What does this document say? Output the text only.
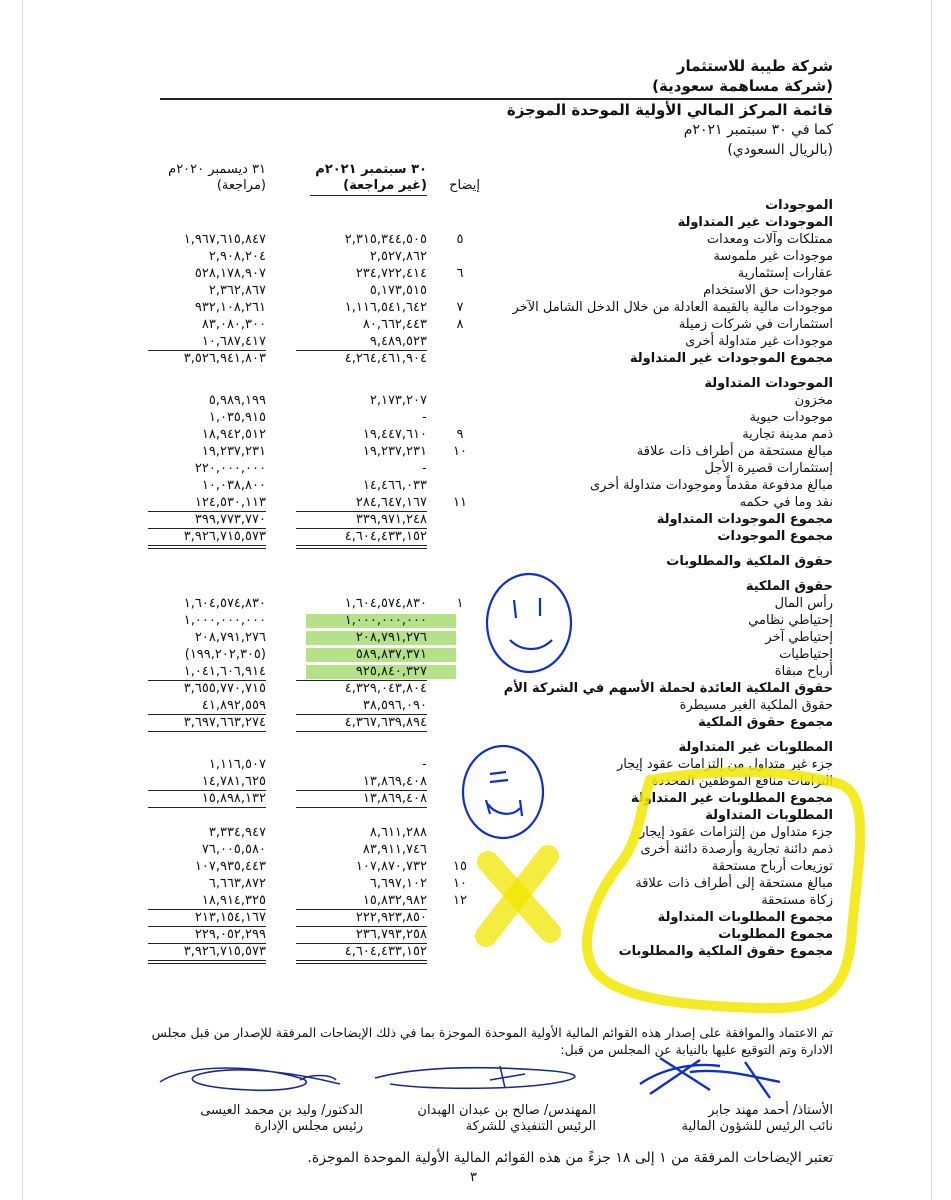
شركة طيبة للاستثمار
(شركة مساهمة سعودية)
قائمة المركز المالي الأولية الموحدة الموجزة
كما في ٣٠ سبتمبر ٢٠٢١م
(بالريال السعودي)
٣٠ سبتمبر ٢٠٢١م
(غير مراجعة)	إيضاح
٣١ ديسمبر ٢٠٢٠م
(مراجعة)
الموجودات
الموجودات غير المتداولة
ممتلكات وآلات ومعدات
٥
٢,٣١٥,٣٤٤,٥٠٥
١,٩٦٧,٦١٥,٨٤٧
موجودات غير ملموسة
٢,٥٢٧,٨٦٢
٢,٩٠٨,٢٠٤
عقارات إستثمارية
٦
٢٣٤,٧٢٢,٤١٤
٥٢٨,١٧٨,٩٠٧
موجودات حق الاستخدام
٥,١٧٣,٥١٥
٢,٣٦٢,٨٦٧
موجودات مالية بالقيمة العادلة من خلال الدخل الشامل الآخر
٧
١,١١٦,٥٤١,٦٤٢
٩٣٢,١٠٨,٢٦١
استثمارات في شركات زميلة
٨
٨٠,٦٦٢,٤٤٣
٨٣,٠٨٠,٣٠٠
موجودات غير متداولة أخرى
٩,٤٨٩,٥٢٣
١٠,٦٨٧,٤١٧
مجموع الموجودات غير المتداولة
٤,٢٦٤,٤٦١,٩٠٤
٣,٥٢٦,٩٤١,٨٠٣
الموجودات المتداولة
مخزون
٢,١٧٣,٢٠٧
٥,٩٨٩,١٩٩
موجودات حيوية
-
١,٠٣٥,٩١٥
ذمم مدينة تجارية
٩
١٩,٤٤٧,٦١٠
١٨,٩٤٢,٥١٢
مبالغ مستحقة من أطراف ذات علاقة
١٠
١٩,٢٣٧,٢٣١
١٩,٢٣٧,٢٣١
إستثمارات قصيرة الأجل
-
٢٢٠,٠٠٠,٠٠٠
مبالغ مدفوعة مقدماً وموجودات متداولة أخرى
١٤,٤٦٦,٠٣٣
١٠,٠٣٨,٨٠٠
نقد وما في حكمه
١١
٢٨٤,٦٤٧,١٦٧
١٢٤,٥٣٠,١١٣
مجموع الموجودات المتداولة
٣٣٩,٩٧١,٢٤٨
٣٩٩,٧٧٣,٧٧٠
مجموع الموجودات
٤,٦٠٤,٤٣٣,١٥٢
٣,٩٢٦,٧١٥,٥٧٣
حقوق الملكية والمطلوبات
حقوق الملكية
رأس المال
١
١,٦٠٤,٥٧٤,٨٣٠
١,٦٠٤,٥٧٤,٨٣٠
إحتياطي نظامي
١,٠٠٠,٠٠٠,٠٠٠
١,٠٠٠,٠٠٠,٠٠٠
إحتياطي آخر
٢٠٨,٧٩١,٢٧٦
٢٠٨,٧٩١,٢٧٦
إحتياطيات
٥٨٩,٨٣٧,٣٧١
(١٩٩,٢٠٢,٣٠٥)
أرباح مبقاة
٩٢٥,٨٤٠,٣٢٧
١,٠٤١,٦٠٦,٩١٤
حقوق الملكية العائدة لحملة الأسهم في الشركة الأم
٤,٣٢٩,٠٤٣,٨٠٤
٣,٦٥٥,٧٧٠,٧١٥
حقوق الملكية الغير مسيطرة
٣٨,٥٩٦,٠٩٠
٤١,٨٩٢,٥٥٩
مجموع حقوق الملكية
٤,٣٦٧,٦٣٩,٨٩٤
٣,٦٩٧,٦٦٣,٢٧٤
المطلوبات غير المتداولة
جزء غير متداول من إلتزامات عقود إيجار
-
١,١١٦,٥٠٧
التزامات منافع الموظفين المحددة
١٣,٨٦٩,٤٠٨
١٤,٧٨١,٦٢٥
مجموع المطلوبات غير المتداولة
١٣,٨٦٩,٤٠٨
١٥,٨٩٨,١٣٢
المطلوبات المتداولة
جزء متداول من إلتزامات عقود إيجار
٨,٦١١,٢٨٨
٣,٣٣٤,٩٤٧
ذمم دائنة تجارية وأرصدة دائنة أخرى
٨٣,٩١١,٧٤٦
٧٦,٠٠٥,٥٨٠
توزيعات أرباح مستحقة
١٥
١٠٧,٨٧٠,٧٣٢
١٠٧,٩٣٥,٤٤٣
مبالغ مستحقة إلى أطراف ذات علاقة
١٠
٦,٦٩٧,١٠٢
٦,٦٦٣,٨٧٢
زكاة مستحقة
١٢
١٥,٨٣٢,٩٨٢
١٨,٩١٤,٣٢٥
مجموع المطلوبات المتداولة
٢٢٢,٩٢٣,٨٥٠
٢١٣,١٥٤,١٦٧
مجموع المطلوبات
٢٣٦,٧٩٣,٢٥٨
٢٢٩,٠٥٢,٢٩٩
مجموع حقوق الملكية والمطلوبات
٤,٦٠٤,٤٣٣,١٥٢
٣,٩٢٦,٧١٥,٥٧٣
تم الاعتماد والموافقة على إصدار هذه القوائم المالية الأولية الموحدة الموجزة بما في ذلك الإيضاحات المرفقة للإصدار من قبل مجلس
الادارة وتم التوقيع عليها بالنيابة عن المجلس من قبل:
الأستاذ/ أحمد مهند جابر
نائب الرئيس للشؤون المالية
المهندس/ صالح بن عبدان الهبدان
الرئيس التنفيذي للشركة
الدكتور/ وليد بن محمد العيسى
رئيس مجلس الإدارة
تعتبر الإيضاحات المرفقة من ١ إلى ١٨ جزءً من هذه القوائم المالية الأولية الموحدة الموجزة.
٣
